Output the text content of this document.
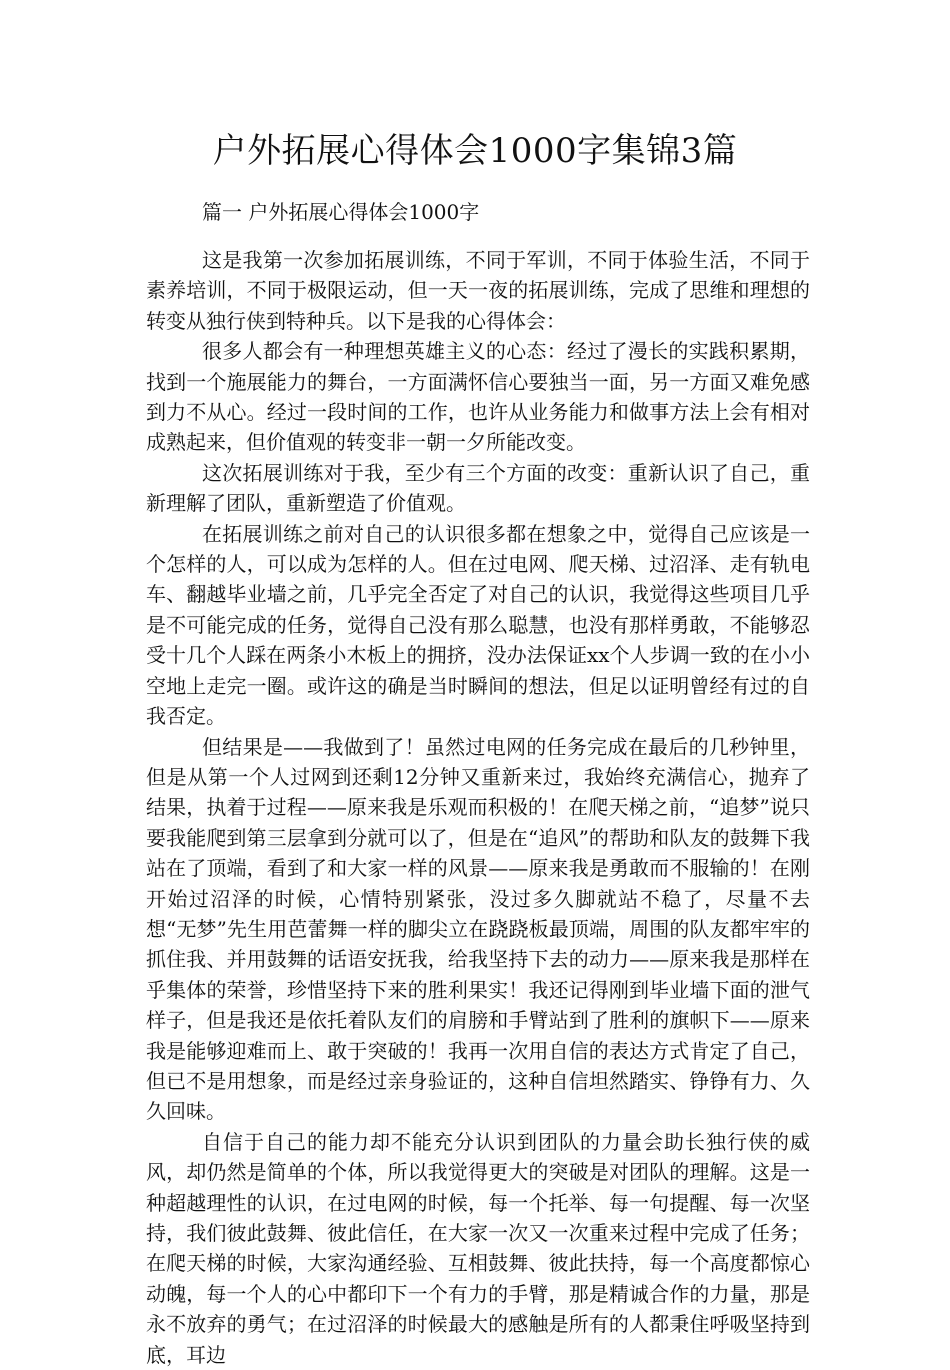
户外拓展心得体会1000字集锦3篇
篇一 户外拓展心得体会1000字

这是我第一次参加拓展训练，不同于军训，不同于体验生活，不同于素养培训，不同于极限运动，但一天一夜的拓展训练，完成了思维和理想的转变从独行侠到特种兵。以下是我的心得体会：

很多人都会有一种理想英雄主义的心态：经过了漫长的实践积累期，找到一个施展能力的舞台，一方面满怀信心要独当一面，另一方面又难免感到力不从心。经过一段时间的工作，也许从业务能力和做事方法上会有相对成熟起来，但价值观的转变非一朝一夕所能改变。

这次拓展训练对于我，至少有三个方面的改变：重新认识了自己，重新理解了团队，重新塑造了价值观。

在拓展训练之前对自己的认识很多都在想象之中，觉得自己应该是一个怎样的人，可以成为怎样的人。但在过电网、爬天梯、过沼泽、走有轨电车、翻越毕业墙之前，几乎完全否定了对自己的认识，我觉得这些项目几乎是不可能完成的任务，觉得自己没有那么聪慧，也没有那样勇敢，不能够忍受十几个人踩在两条小木板上的拥挤，没办法保证xx个人步调一致的在小小空地上走完一圈。或许这的确是当时瞬间的想法，但足以证明曾经有过的自我否定。

但结果是——我做到了！虽然过电网的任务完成在最后的几秒钟里，但是从第一个人过网到还剩12分钟又重新来过，我始终充满信心，抛弃了结果，执着于过程——原来我是乐观而积极的！在爬天梯之前，“追梦”说只要我能爬到第三层拿到分就可以了，但是在“追风”的帮助和队友的鼓舞下我站在了顶端，看到了和大家一样的风景——原来我是勇敢而不服输的！在刚开始过沼泽的时候，心情特别紧张，没过多久脚就站不稳了，尽量不去想“无梦”先生用芭蕾舞一样的脚尖立在跷跷板最顶端，周围的队友都牢牢的抓住我、并用鼓舞的话语安抚我，给我坚持下去的动力——原来我是那样在乎集体的荣誉，珍惜坚持下来的胜利果实！我还记得刚到毕业墙下面的泄气样子，但是我还是依托着队友们的肩膀和手臂站到了胜利的旗帜下——原来我是能够迎难而上、敢于突破的！我再一次用自信的表达方式肯定了自己，但已不是用想象，而是经过亲身验证的，这种自信坦然踏实、铮铮有力、久久回味。

自信于自己的能力却不能充分认识到团队的力量会助长独行侠的威风，却仍然是简单的个体，所以我觉得更大的突破是对团队的理解。这是一种超越理性的认识，在过电网的时候，每一个托举、每一句提醒、每一次坚持，我们彼此鼓舞、彼此信任，在大家一次又一次重来过程中完成了任务；在爬天梯的时候，大家沟通经验、互相鼓舞、彼此扶持，每一个高度都惊心动魄，每一个人的心中都印下一个有力的手臂，那是精诚合作的力量，那是永不放弃的勇气；在过沼泽的时候最大的感触是所有的人都秉住呼吸坚持到底，耳边
